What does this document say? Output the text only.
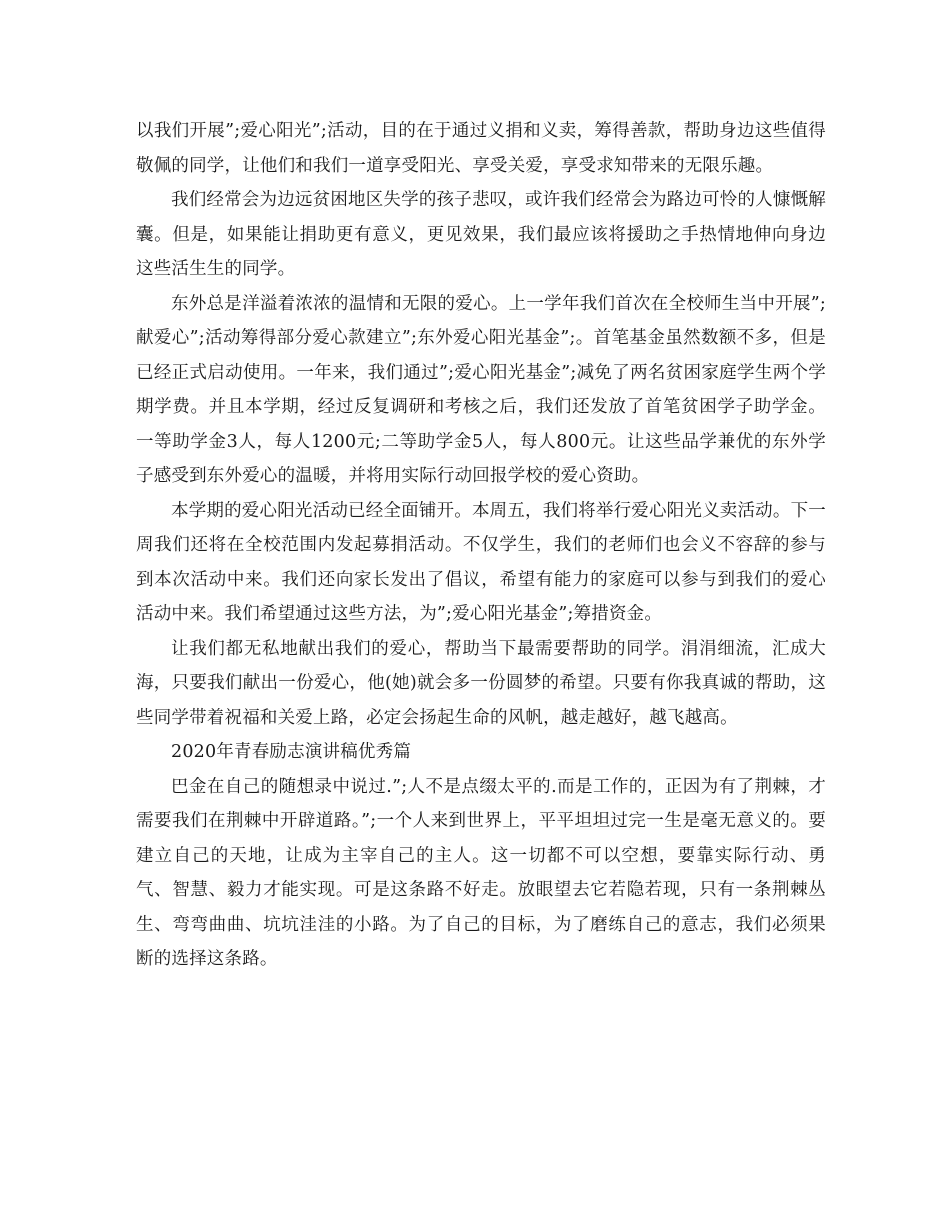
以我们开展”;爱心阳光”;活动，目的在于通过义捐和义卖，筹得善款，帮助身边这些值得敬佩的同学，让他们和我们一道享受阳光、享受关爱，享受求知带来的无限乐趣。

我们经常会为边远贫困地区失学的孩子悲叹，或许我们经常会为路边可怜的人慷慨解囊。但是，如果能让捐助更有意义，更见效果，我们最应该将援助之手热情地伸向身边这些活生生的同学。

东外总是洋溢着浓浓的温情和无限的爱心。上一学年我们首次在全校师生当中开展”;献爱心”;活动筹得部分爱心款建立”;东外爱心阳光基金”;。首笔基金虽然数额不多，但是已经正式启动使用。一年来，我们通过”;爱心阳光基金”;减免了两名贫困家庭学生两个学期学费。并且本学期，经过反复调研和考核之后，我们还发放了首笔贫困学子助学金。一等助学金3人，每人1200元;二等助学金5人，每人800元。让这些品学兼优的东外学子感受到东外爱心的温暖，并将用实际行动回报学校的爱心资助。

本学期的爱心阳光活动已经全面铺开。本周五，我们将举行爱心阳光义卖活动。下一周我们还将在全校范围内发起募捐活动。不仅学生，我们的老师们也会义不容辞的参与到本次活动中来。我们还向家长发出了倡议，希望有能力的家庭可以参与到我们的爱心活动中来。我们希望通过这些方法，为”;爱心阳光基金”;筹措资金。

让我们都无私地献出我们的爱心，帮助当下最需要帮助的同学。涓涓细流，汇成大海，只要我们献出一份爱心，他(她)就会多一份圆梦的希望。只要有你我真诚的帮助，这些同学带着祝福和关爱上路，必定会扬起生命的风帆，越走越好，越飞越高。

2020年青春励志演讲稿优秀篇

巴金在自己的随想录中说过.”;人不是点缀太平的.而是工作的，正因为有了荆棘，才需要我们在荆棘中开辟道路。”;一个人来到世界上，平平坦坦过完一生是毫无意义的。要建立自己的天地，让成为主宰自己的主人。这一切都不可以空想，要靠实际行动、勇气、智慧、毅力才能实现。可是这条路不好走。放眼望去它若隐若现，只有一条荆棘丛生、弯弯曲曲、坑坑洼洼的小路。为了自己的目标，为了磨练自己的意志，我们必须果断的选择这条路。
